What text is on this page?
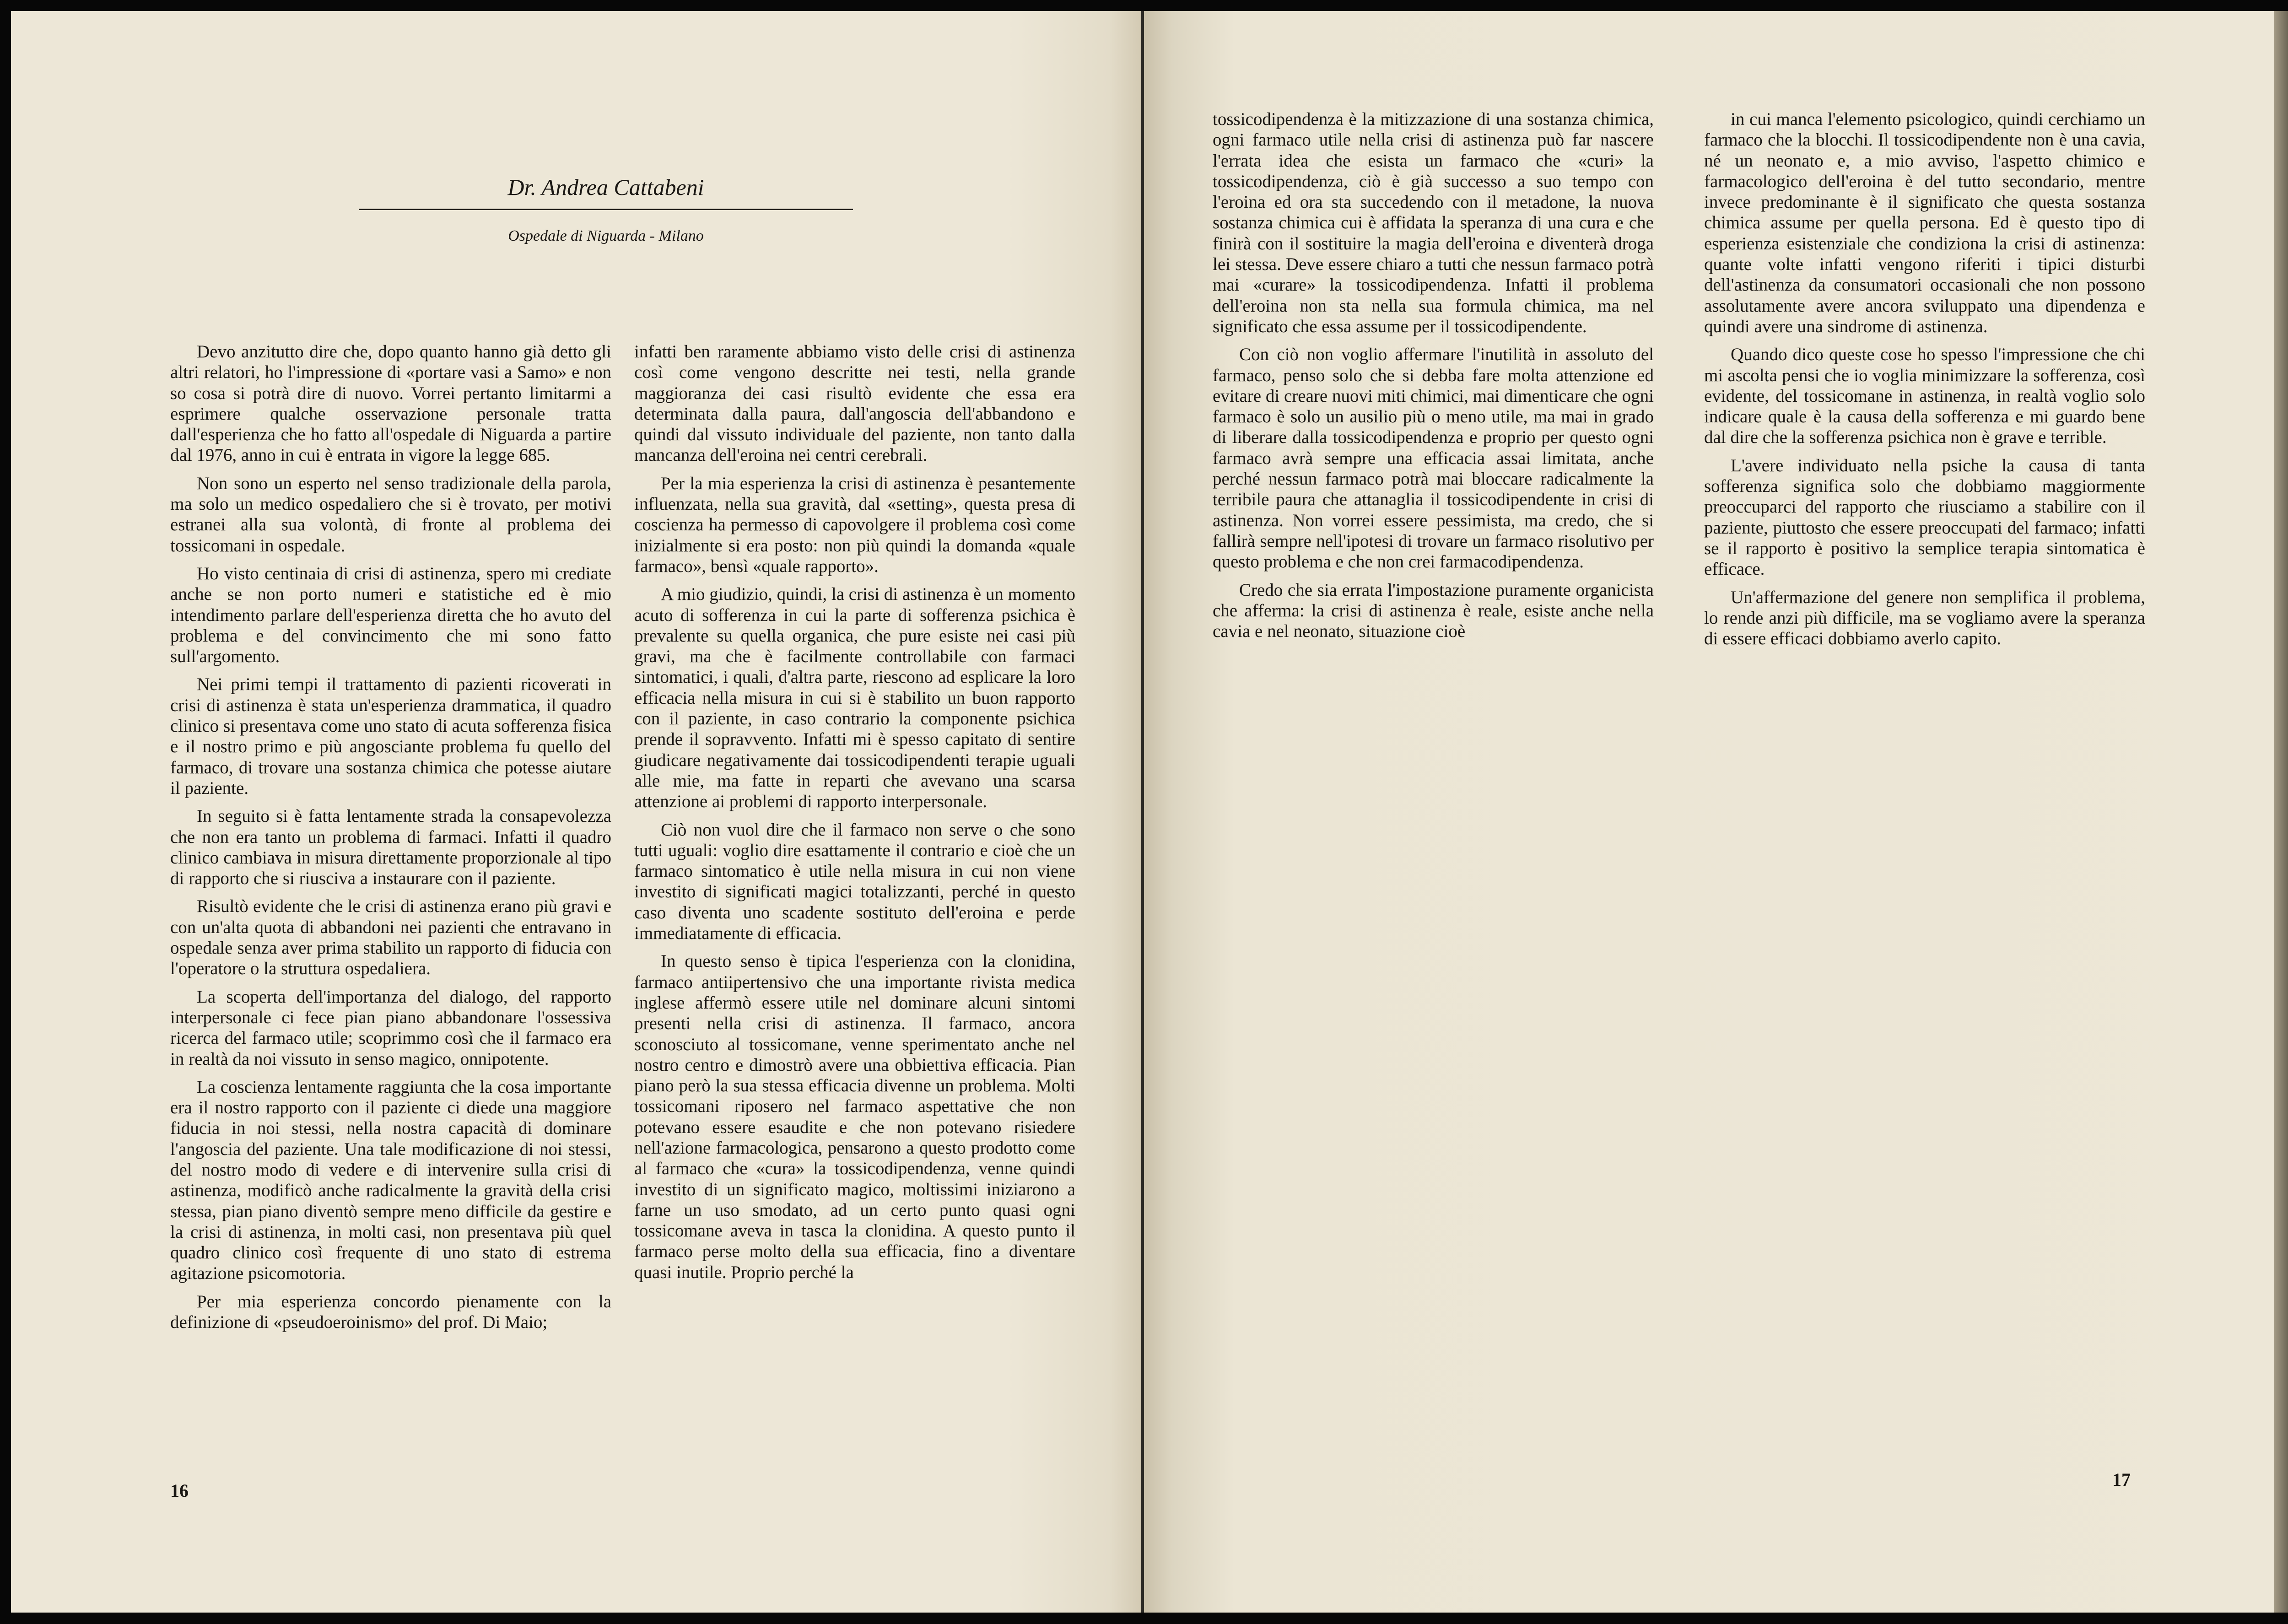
Dr. Andrea Cattabeni
Ospedale di Niguarda - Milano

Devo anzitutto dire che, dopo quanto hanno già detto gli altri relatori, ho l'impressione di «portare vasi a Samo» e non so cosa si potrà dire di nuovo. Vorrei pertanto limitarmi a esprimere qualche osservazione personale tratta dall'esperienza che ho fatto all'ospedale di Niguarda a partire dal 1976, anno in cui è entrata in vigore la legge 685.

Non sono un esperto nel senso tradizionale della parola, ma solo un medico ospedaliero che si è trovato, per motivi estranei alla sua volontà, di fronte al problema dei tossicomani in ospedale.

Ho visto centinaia di crisi di astinenza, spero mi crediate anche se non porto numeri e statistiche ed è mio intendimento parlare dell'esperienza diretta che ho avuto del problema e del convincimento che mi sono fatto sull'argomento.

Nei primi tempi il trattamento di pazienti ricoverati in crisi di astinenza è stata un'esperienza drammatica, il quadro clinico si presentava come uno stato di acuta sofferenza fisica e il nostro primo e più angosciante problema fu quello del farmaco, di trovare una sostanza chimica che potesse aiutare il paziente.

In seguito si è fatta lentamente strada la consapevolezza che non era tanto un problema di farmaci. Infatti il quadro clinico cambiava in misura direttamente proporzionale al tipo di rapporto che si riusciva a instaurare con il paziente.

Risultò evidente che le crisi di astinenza erano più gravi e con un'alta quota di abbandoni nei pazienti che entravano in ospedale senza aver prima stabilito un rapporto di fiducia con l'operatore o la struttura ospedaliera.

La scoperta dell'importanza del dialogo, del rapporto interpersonale ci fece pian piano abbandonare l'ossessiva ricerca del farmaco utile; scoprimmo così che il farmaco era in realtà da noi vissuto in senso magico, onnipotente.

La coscienza lentamente raggiunta che la cosa importante era il nostro rapporto con il paziente ci diede una maggiore fiducia in noi stessi, nella nostra capacità di dominare l'angoscia del paziente. Una tale modificazione di noi stessi, del nostro modo di vedere e di intervenire sulla crisi di astinenza, modificò anche radicalmente la gravità della crisi stessa, pian piano diventò sempre meno difficile da gestire e la crisi di astinenza, in molti casi, non presentava più quel quadro clinico così frequente di uno stato di estrema agitazione psicomotoria.

Per mia esperienza concordo pienamente con la definizione di «pseudoeroinismo» del prof. Di Maio;

infatti ben raramente abbiamo visto delle crisi di astinenza così come vengono descritte nei testi, nella grande maggioranza dei casi risultò evidente che essa era determinata dalla paura, dall'angoscia dell'abbandono e quindi dal vissuto individuale del paziente, non tanto dalla mancanza dell'eroina nei centri cerebrali.

Per la mia esperienza la crisi di astinenza è pesantemente influenzata, nella sua gravità, dal «setting», questa presa di coscienza ha permesso di capovolgere il problema così come inizialmente si era posto: non più quindi la domanda «quale farmaco», bensì «quale rapporto».

A mio giudizio, quindi, la crisi di astinenza è un momento acuto di sofferenza in cui la parte di sofferenza psichica è prevalente su quella organica, che pure esiste nei casi più gravi, ma che è facilmente controllabile con farmaci sintomatici, i quali, d'altra parte, riescono ad esplicare la loro efficacia nella misura in cui si è stabilito un buon rapporto con il paziente, in caso contrario la componente psichica prende il sopravvento. Infatti mi è spesso capitato di sentire giudicare negativamente dai tossicodipendenti terapie uguali alle mie, ma fatte in reparti che avevano una scarsa attenzione ai problemi di rapporto interpersonale.

Ciò non vuol dire che il farmaco non serve o che sono tutti uguali: voglio dire esattamente il contrario e cioè che un farmaco sintomatico è utile nella misura in cui non viene investito di significati magici totalizzanti, perché in questo caso diventa uno scadente sostituto dell'eroina e perde immediatamente di efficacia.

In questo senso è tipica l'esperienza con la clonidina, farmaco antiipertensivo che una importante rivista medica inglese affermò essere utile nel dominare alcuni sintomi presenti nella crisi di astinenza. Il farmaco, ancora sconosciuto al tossicomane, venne sperimentato anche nel nostro centro e dimostrò avere una obbiettiva efficacia. Pian piano però la sua stessa efficacia divenne un problema. Molti tossicomani riposero nel farmaco aspettative che non potevano essere esaudite e che non potevano risiedere nell'azione farmacologica, pensarono a questo prodotto come al farmaco che «cura» la tossicodipendenza, venne quindi investito di un significato magico, moltissimi iniziarono a farne un uso smodato, ad un certo punto quasi ogni tossicomane aveva in tasca la clonidina. A questo punto il farmaco perse molto della sua efficacia, fino a diventare quasi inutile. Proprio perché la

16

tossicodipendenza è la mitizzazione di una sostanza chimica, ogni farmaco utile nella crisi di astinenza può far nascere l'errata idea che esista un farmaco che «curi» la tossicodipendenza, ciò è già successo a suo tempo con l'eroina ed ora sta succedendo con il metadone, la nuova sostanza chimica cui è affidata la speranza di una cura e che finirà con il sostituire la magia dell'eroina e diventerà droga lei stessa. Deve essere chiaro a tutti che nessun farmaco potrà mai «curare» la tossicodipendenza. Infatti il problema dell'eroina non sta nella sua formula chimica, ma nel significato che essa assume per il tossicodipendente.

Con ciò non voglio affermare l'inutilità in assoluto del farmaco, penso solo che si debba fare molta attenzione ed evitare di creare nuovi miti chimici, mai dimenticare che ogni farmaco è solo un ausilio più o meno utile, ma mai in grado di liberare dalla tossicodipendenza e proprio per questo ogni farmaco avrà sempre una efficacia assai limitata, anche perché nessun farmaco potrà mai bloccare radicalmente la terribile paura che attanaglia il tossicodipendente in crisi di astinenza. Non vorrei essere pessimista, ma credo, che si fallirà sempre nell'ipotesi di trovare un farmaco risolutivo per questo problema e che non crei farmacodipendenza.

Credo che sia errata l'impostazione puramente organicista che afferma: la crisi di astinenza è reale, esiste anche nella cavia e nel neonato, situazione cioè

in cui manca l'elemento psicologico, quindi cerchiamo un farmaco che la blocchi. Il tossicodipendente non è una cavia, né un neonato e, a mio avviso, l'aspetto chimico e farmacologico dell'eroina è del tutto secondario, mentre invece predominante è il significato che questa sostanza chimica assume per quella persona. Ed è questo tipo di esperienza esistenziale che condiziona la crisi di astinenza: quante volte infatti vengono riferiti i tipici disturbi dell'astinenza da consumatori occasionali che non possono assolutamente avere ancora sviluppato una dipendenza e quindi avere una sindrome di astinenza.

Quando dico queste cose ho spesso l'impressione che chi mi ascolta pensi che io voglia minimizzare la sofferenza, così evidente, del tossicomane in astinenza, in realtà voglio solo indicare quale è la causa della sofferenza e mi guardo bene dal dire che la sofferenza psichica non è grave e terrible.

L'avere individuato nella psiche la causa di tanta sofferenza significa solo che dobbiamo maggiormente preoccuparci del rapporto che riusciamo a stabilire con il paziente, piuttosto che essere preoccupati del farmaco; infatti se il rapporto è positivo la semplice terapia sintomatica è efficace.

Un'affermazione del genere non semplifica il problema, lo rende anzi più difficile, ma se vogliamo avere la speranza di essere efficaci dobbiamo averlo capito.

17
